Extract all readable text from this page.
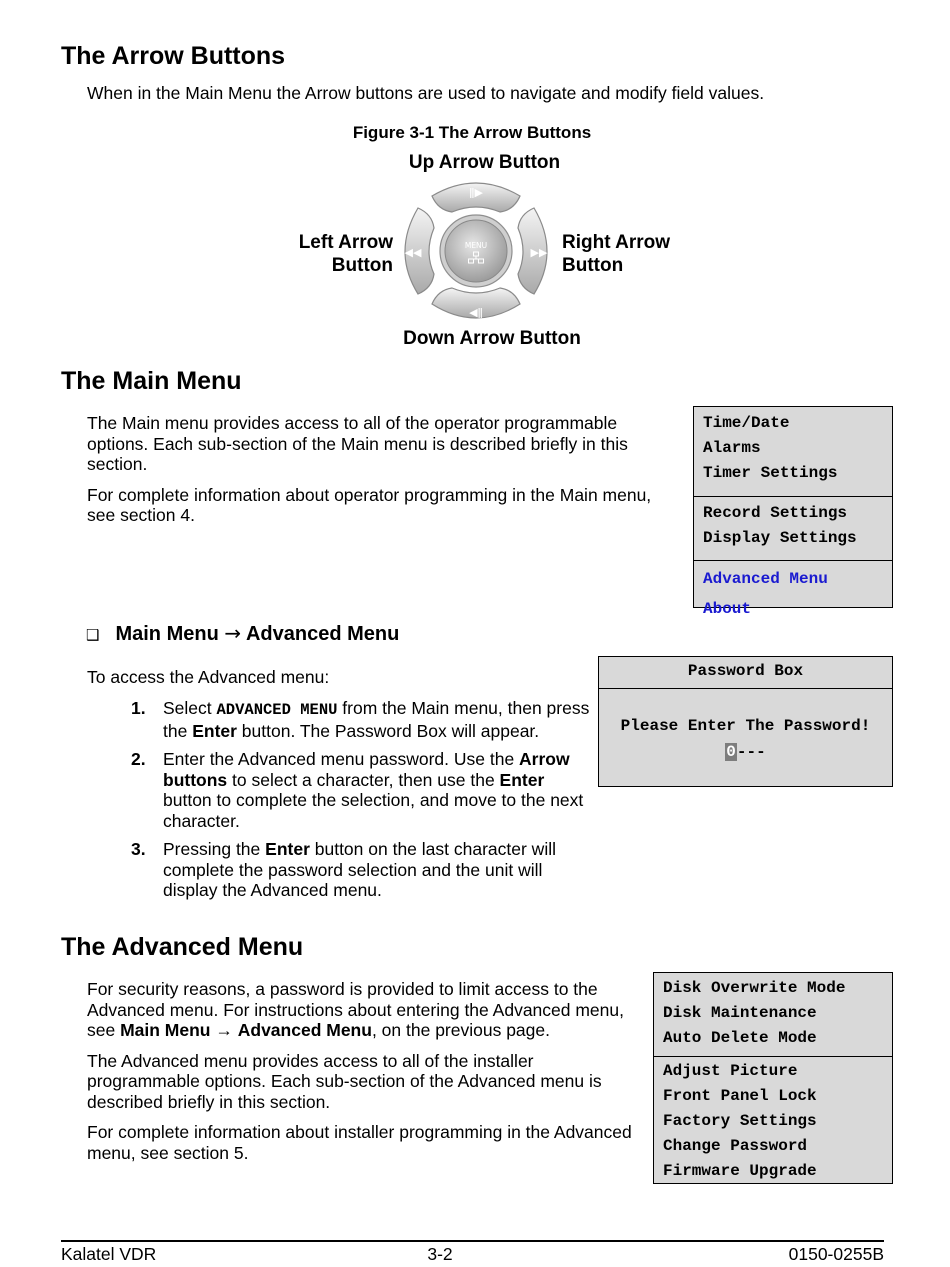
The Arrow Buttons

When in the Main Menu the Arrow buttons are used to navigate and modify field values.

Figure 3-1 The Arrow Buttons
Up Arrow Button
Left Arrow
Button
Right Arrow
Button
ǁ▶
◀ǁ
◀◀	▶▶
MENU
Down Arrow Button
The Main Menu

The Main menu provides access to all of the operator programmable options. Each sub-section of the Main menu is described briefly in this section.

For complete information about operator programming in the Main menu, see section 4.

Time/Date
Alarms
Timer Settings
Record Settings
Display Settings
Advanced Menu
About
❑ Main Menu → Advanced Menu

To access the Advanced menu:

1. Select ADVANCED MENU from the Main menu, then press the Enter button. The Password Box will appear.
2. Enter the Advanced menu password. Use the Arrow buttons to select a character, then use the Enter button to complete the selection, and move to the next character.
3. Pressing the Enter button on the last character will complete the password selection and the unit will display the Advanced menu.
Password Box
Please Enter The Password!
0---
The Advanced Menu

For security reasons, a password is provided to limit access to the Advanced menu. For instructions about entering the Advanced menu, see Main Menu → Advanced Menu, on the previous page.

The Advanced menu provides access to all of the installer programmable options. Each sub-section of the Advanced menu is described briefly in this section.

For complete information about installer programming in the Advanced menu, see section 5.

Disk Overwrite Mode
Disk Maintenance
Auto Delete Mode
Adjust Picture
Front Panel Lock
Factory Settings
Change Password
Firmware Upgrade
Kalatel VDR	3-2	0150-0255B
